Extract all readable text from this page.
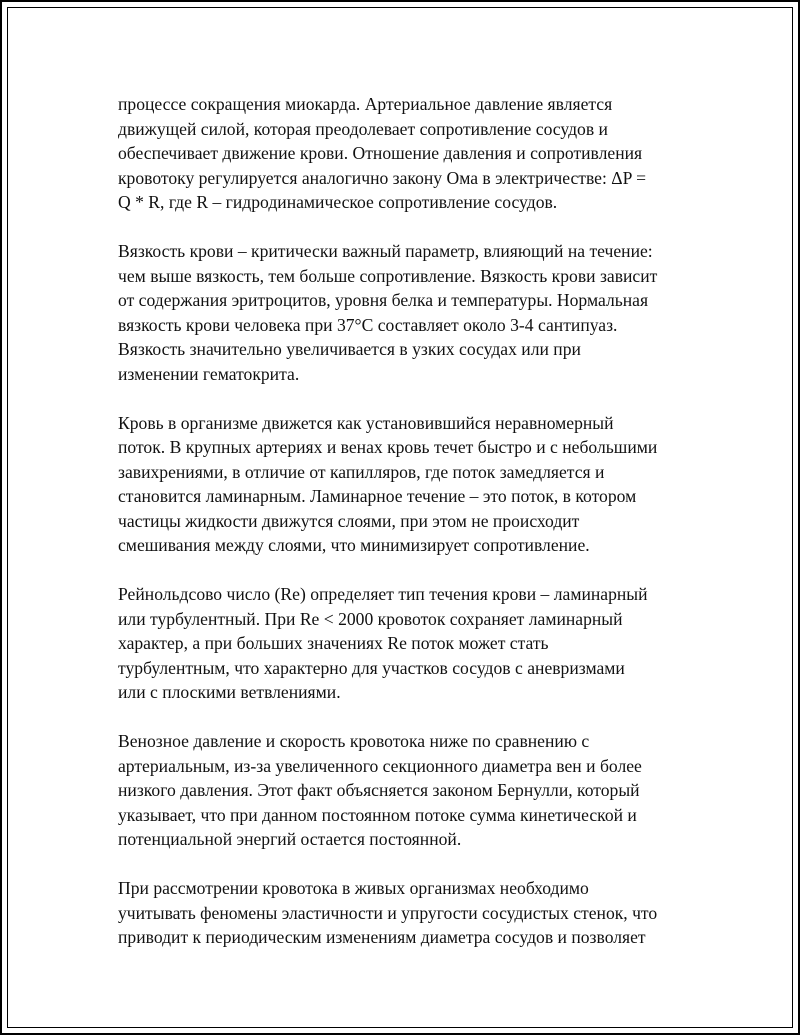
процессе сокращения миокарда. Артериальное давление является
движущей силой, которая преодолевает сопротивление сосудов и
обеспечивает движение крови. Отношение давления и сопротивления
кровотоку регулируется аналогично закону Ома в электричестве: ΔP =
Q * R, где R – гидродинамическое сопротивление сосудов.

Вязкость крови – критически важный параметр, влияющий на течение:
чем выше вязкость, тем больше сопротивление. Вязкость крови зависит
от содержания эритроцитов, уровня белка и температуры. Нормальная
вязкость крови человека при 37°C составляет около 3-4 сантипуаз.
Вязкость значительно увеличивается в узких сосудах или при
изменении гематокрита.

Кровь в организме движется как установившийся неравномерный
поток. В крупных артериях и венах кровь течет быстро и с небольшими
завихрениями, в отличие от капилляров, где поток замедляется и
становится ламинарным. Ламинарное течение – это поток, в котором
частицы жидкости движутся слоями, при этом не происходит
смешивания между слоями, что минимизирует сопротивление.

Рейнольдсово число (Re) определяет тип течения крови – ламинарный
или турбулентный. При Re < 2000 кровоток сохраняет ламинарный
характер, а при больших значениях Re поток может стать
турбулентным, что характерно для участков сосудов с аневризмами
или с плоскими ветвлениями.

Венозное давление и скорость кровотока ниже по сравнению с
артериальным, из-за увеличенного секционного диаметра вен и более
низкого давления. Этот факт объясняется законом Бернулли, который
указывает, что при данном постоянном потоке сумма кинетической и
потенциальной энергий остается постоянной.

При рассмотрении кровотока в живых организмах необходимо
учитывать феномены эластичности и упругости сосудистых стенок, что
приводит к периодическим изменениям диаметра сосудов и позволяет
